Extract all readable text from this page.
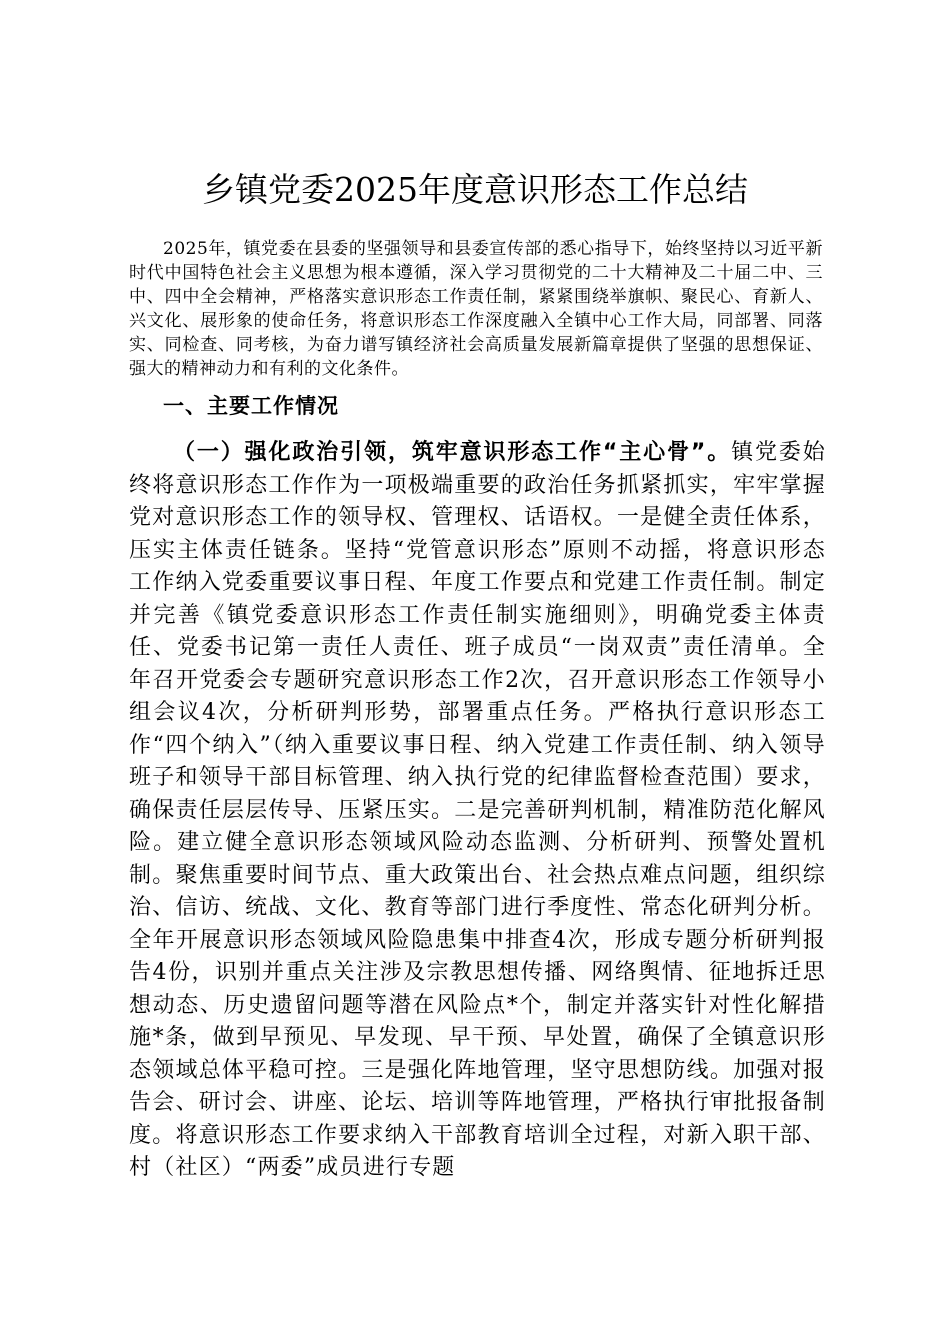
乡镇党委2025年度意识形态工作总结

2025年，镇党委在县委的坚强领导和县委宣传部的悉心指导下，始终坚持以习近平新时代中国特色社会主义思想为根本遵循，深入学习贯彻党的二十大精神及二十届二中、三中、四中全会精神，严格落实意识形态工作责任制，紧紧围绕举旗帜、聚民心、育新人、兴文化、展形象的使命任务，将意识形态工作深度融入全镇中心工作大局，同部署、同落实、同检查、同考核，为奋力谱写镇经济社会高质量发展新篇章提供了坚强的思想保证、强大的精神动力和有利的文化条件。

一、主要工作情况

（一）强化政治引领，筑牢意识形态工作“主心骨”。镇党委始终将意识形态工作作为一项极端重要的政治任务抓紧抓实，牢牢掌握党对意识形态工作的领导权、管理权、话语权。一是健全责任体系，压实主体责任链条。坚持“党管意识形态”原则不动摇，将意识形态工作纳入党委重要议事日程、年度工作要点和党建工作责任制。制定并完善《镇党委意识形态工作责任制实施细则》，明确党委主体责任、党委书记第一责任人责任、班子成员“一岗双责”责任清单。全年召开党委会专题研究意识形态工作2次，召开意识形态工作领导小组会议4次，分析研判形势，部署重点任务。严格执行意识形态工作“四个纳入”（纳入重要议事日程、纳入党建工作责任制、纳入领导班子和领导干部目标管理、纳入执行党的纪律监督检查范围）要求，确保责任层层传导、压紧压实。二是完善研判机制，精准防范化解风险。建立健全意识形态领域风险动态监测、分析研判、预警处置机制。聚焦重要时间节点、重大政策出台、社会热点难点问题，组织综治、信访、统战、文化、教育等部门进行季度性、常态化研判分析。全年开展意识形态领域风险隐患集中排查4次，形成专题分析研判报告4份，识别并重点关注涉及宗教思想传播、网络舆情、征地拆迁思想动态、历史遗留问题等潜在风险点*个，制定并落实针对性化解措施*条，做到早预见、早发现、早干预、早处置，确保了全镇意识形态领域总体平稳可控。三是强化阵地管理，坚守思想防线。加强对报告会、研讨会、讲座、论坛、培训等阵地管理，严格执行审批报备制度。将意识形态工作要求纳入干部教育培训全过程，对新入职干部、村（社区）“两委”成员进行专题
